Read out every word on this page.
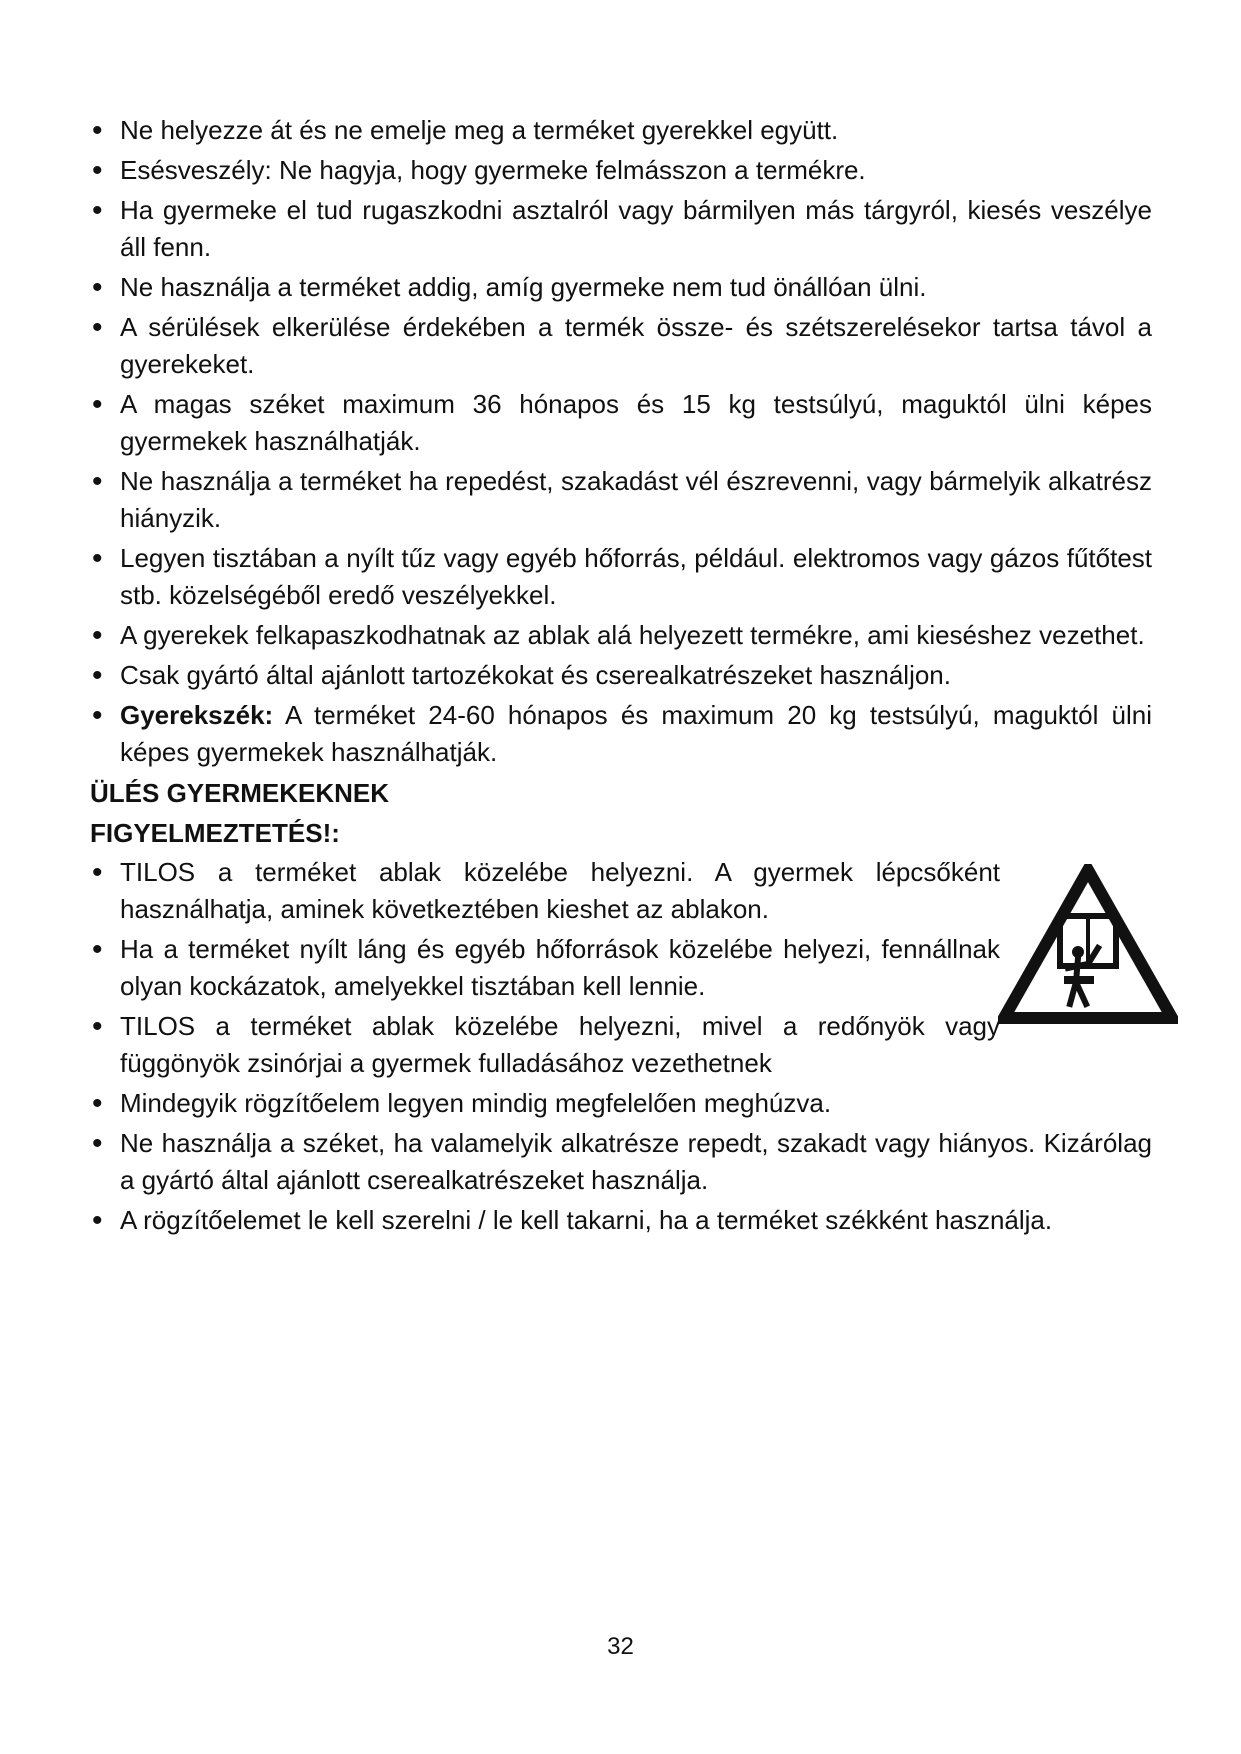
• Ne helyezze át és ne emelje meg a terméket gyerekkel együtt.
• Esésveszély: Ne hagyja, hogy gyermeke felmásszon a termékre.
• Ha gyermeke el tud rugaszkodni asztalról vagy bármilyen más tárgyról, kiesés veszélye áll fenn.
• Ne használja a terméket addig, amíg gyermeke nem tud önállóan ülni.
• A sérülések elkerülése érdekében a termék össze- és szétszerelésekor tartsa távol a gyerekeket.
• A magas széket maximum 36 hónapos és 15 kg testsúlyú, maguktól ülni képes gyermekek használhatják.
• Ne használja a terméket ha repedést, szakadást vél észrevenni, vagy bármelyik alkatrész hiányzik.
• Legyen tisztában a nyílt tűz vagy egyéb hőforrás, például. elektromos vagy gázos fűtőtest stb. közelségéből eredő veszélyekkel.
• A gyerekek felkapaszkodhatnak az ablak alá helyezett termékre, ami kieséshez vezethet.
• Csak gyártó által ajánlott tartozékokat és cserealkatrészeket használjon.
• Gyerekszék: A terméket 24-60 hónapos és maximum 20 kg testsúlyú, maguktól ülni képes gyermekek használhatják.
ÜLÉS GYERMEKEKNEK
FIGYELMEZTETÉS!:
• TILOS a terméket ablak közelébe helyezni. A gyermek lépcsőként használhatja, aminek következtében kieshet az ablakon.
• Ha a terméket nyílt láng és egyéb hőforrások közelébe helyezi, fennállnak olyan kockázatok, amelyekkel tisztában kell lennie.
• TILOS a terméket ablak közelébe helyezni, mivel a redőnyök vagy függönyök zsinórjai a gyermek fulladásához vezethetnek
• Mindegyik rögzítőelem legyen mindig megfelelően meghúzva.
• Ne használja a széket, ha valamelyik alkatrésze repedt, szakadt vagy hiányos. Kizárólag a gyártó által ajánlott cserealkatrészeket használja.
• A rögzítőelemet le kell szerelni / le kell takarni, ha a terméket székként használja.
32
